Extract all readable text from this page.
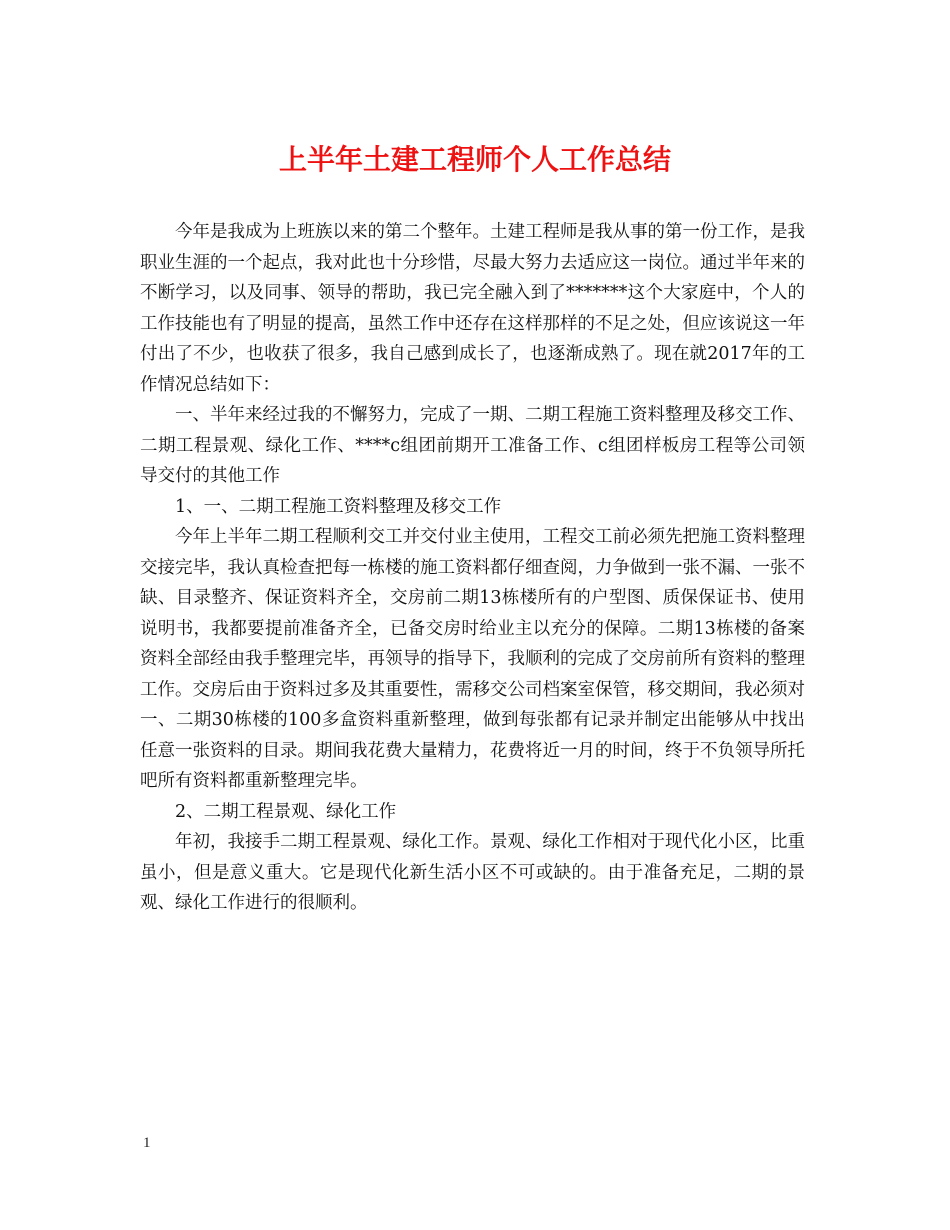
上半年土建工程师个人工作总结

今年是我成为上班族以来的第二个整年。土建工程师是我从事的第一份工作，是我职业生涯的一个起点，我对此也十分珍惜，尽最大努力去适应这一岗位。通过半年来的不断学习，以及同事、领导的帮助，我已完全融入到了*******这个大家庭中，个人的工作技能也有了明显的提高，虽然工作中还存在这样那样的不足之处，但应该说这一年付出了不少，也收获了很多，我自己感到成长了，也逐渐成熟了。现在就2017年的工作情况总结如下：

一、半年来经过我的不懈努力，完成了一期、二期工程施工资料整理及移交工作、二期工程景观、绿化工作、****c组团前期开工准备工作、c组团样板房工程等公司领导交付的其他工作

1、一、二期工程施工资料整理及移交工作

今年上半年二期工程顺利交工并交付业主使用，工程交工前必须先把施工资料整理交接完毕，我认真检查把每一栋楼的施工资料都仔细查阅，力争做到一张不漏、一张不缺、目录整齐、保证资料齐全，交房前二期13栋楼所有的户型图、质保保证书、使用说明书，我都要提前准备齐全，已备交房时给业主以充分的保障。二期13栋楼的备案资料全部经由我手整理完毕，再领导的指导下，我顺利的完成了交房前所有资料的整理工作。交房后由于资料过多及其重要性，需移交公司档案室保管，移交期间，我必须对一、二期30栋楼的100多盒资料重新整理，做到每张都有记录并制定出能够从中找出任意一张资料的目录。期间我花费大量精力，花费将近一月的时间，终于不负领导所托吧所有资料都重新整理完毕。

2、二期工程景观、绿化工作

年初，我接手二期工程景观、绿化工作。景观、绿化工作相对于现代化小区，比重虽小，但是意义重大。它是现代化新生活小区不可或缺的。由于准备充足，二期的景观、绿化工作进行的很顺利。

1
